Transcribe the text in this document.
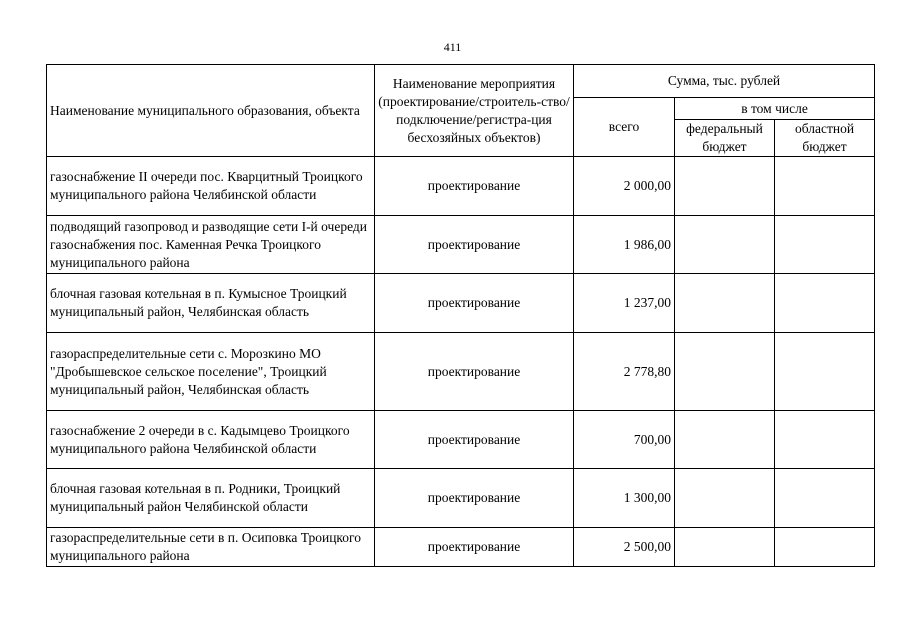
411
Наименование муниципального образования, объекта	Наименование мероприятия (проектирование/строитель-ство/подключение/регистра-ция бесхозяйных объектов)	Сумма, тыс. рублей		
		всего	в том числе	
			федеральный бюджет	областной бюджет
газоснабжение II очереди пос. Кварцитный Троицкого муниципального района Челябинской области	проектирование	2 000,00		
подводящий газопровод и разводящие сети I-й очереди газоснабжения пос. Каменная Речка Троицкого муниципального района	проектирование	1 986,00		
блочная газовая котельная в п. Кумысное Троицкий муниципальный район, Челябинская область	проектирование	1 237,00		
газораспределительные сети с. Морозкино МО "Дробышевское сельское поселение", Троицкий муниципальный район, Челябинская область	проектирование	2 778,80		
газоснабжение 2 очереди в с. Кадымцево Троицкого муниципального района Челябинской области	проектирование	700,00		
блочная газовая котельная в п. Родники, Троицкий муниципальный район Челябинской области	проектирование	1 300,00		
газораспределительные сети в п. Осиповка Троицкого муниципального района	проектирование	2 500,00		
